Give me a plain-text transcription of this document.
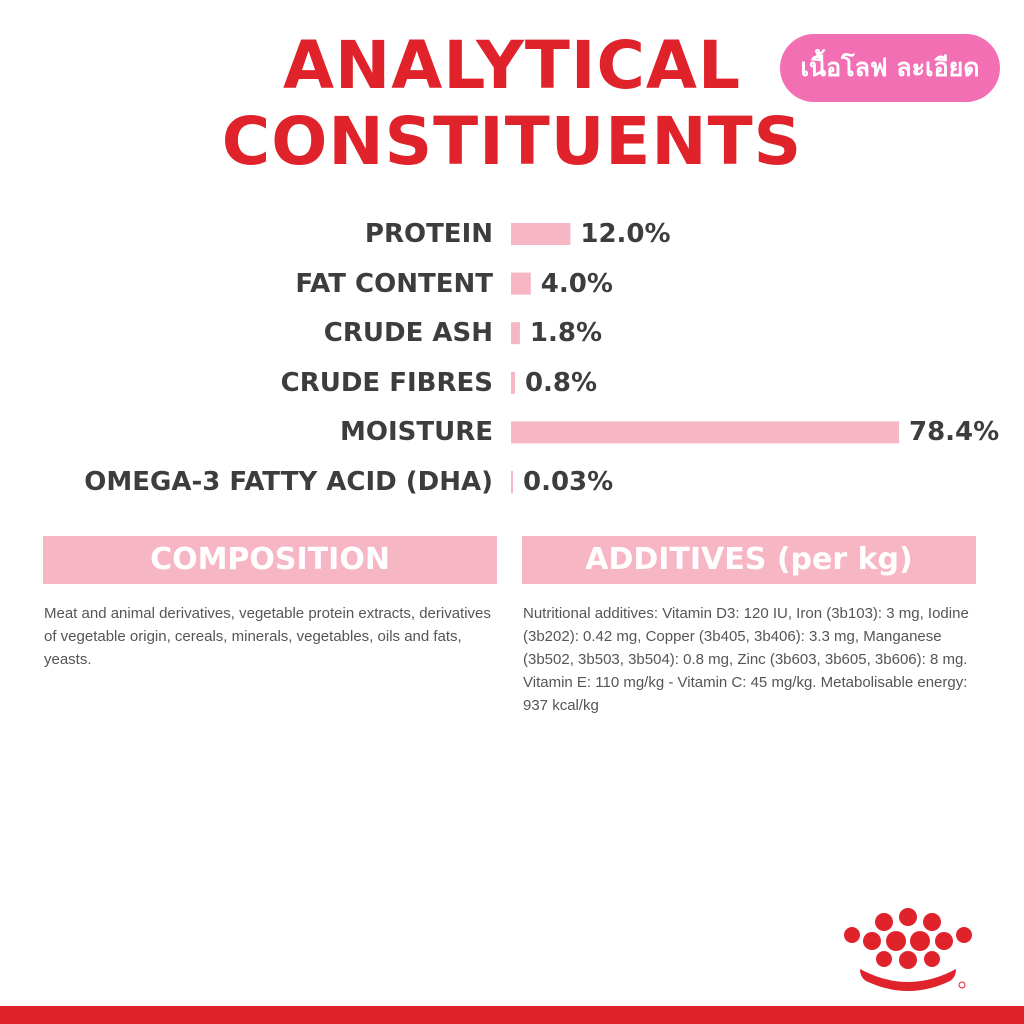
ANALYTICAL
CONSTITUENTS
เนื้อโลฟ ละเอียด
PROTEIN	12.0%
FAT CONTENT 4.0%
CRUDE ASH 1.8%
CRUDE FIBRES 0.8%
MOISTURE	78.4%
OMEGA-3 FATTY ACID (DHA) 0.03%
COMPOSITION	ADDITIVES (per kg)
Meat and animal derivatives, vegetable protein extracts, derivatives of vegetable origin, cereals, minerals, vegetables, oils and fats, yeasts.
Nutritional additives: Vitamin D3: 120 IU, Iron (3b103): 3 mg, Iodine (3b202): 0.42 mg, Copper (3b405, 3b406): 3.3 mg, Manganese (3b502, 3b503, 3b504): 0.8 mg, Zinc (3b603, 3b605, 3b606): 8 mg. Vitamin E: 110 mg/kg - Vitamin C: 45 mg/kg. Metabolisable energy: 937 kcal/kg
